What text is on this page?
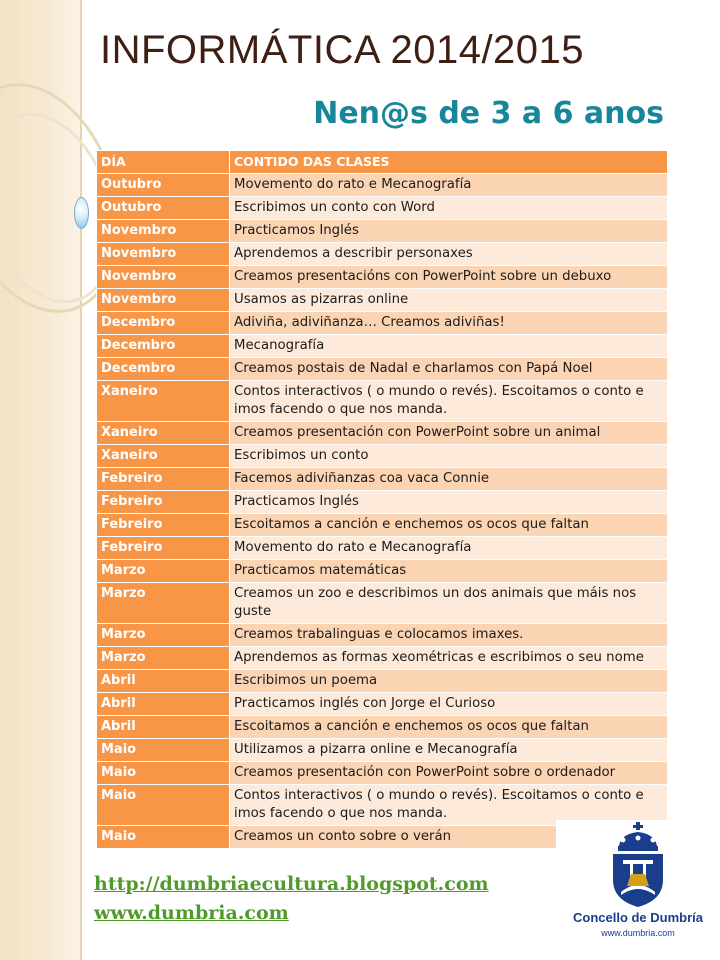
INFORMÁTICA 2014/2015
Nen@s de 3 a 6 anos
DÍA	CONTIDO DAS CLASES
Outubro	Movemento do rato e Mecanografía
Outubro	Escribimos un conto con Word
Novembro	Practicamos Inglés
Novembro	Aprendemos a describir personaxes
Novembro	Creamos presentacións con PowerPoint sobre un debuxo
Novembro	Usamos as pizarras online
Decembro	Adiviña, adiviñanza… Creamos adiviñas!
Decembro	Mecanografía
Decembro	Creamos postais de Nadal e charlamos con Papá Noel
Xaneiro	Contos interactivos ( o mundo o revés). Escoitamos o conto e imos facendo o que nos manda.
Xaneiro	Creamos presentación con PowerPoint sobre un animal
Xaneiro	Escribimos un conto
Febreiro	Facemos adiviñanzas coa vaca Connie
Febreiro	Practicamos Inglés
Febreiro	Escoitamos a canción e enchemos os ocos que faltan
Febreiro	Movemento do rato e Mecanografía
Marzo	Practicamos matemáticas
Marzo	Creamos un zoo e describimos un dos animais que máis nos guste
Marzo	Creamos trabalinguas e colocamos imaxes.
Marzo	Aprendemos as formas xeométricas e escribimos o seu nome
Abril	Escribimos un poema
Abril	Practicamos inglés con Jorge el Curioso
Abril	Escoitamos a canción e enchemos os ocos que faltan
Maio	Utilizamos a pizarra online e Mecanografía
Maio	Creamos presentación con PowerPoint sobre o ordenador
Maio	Contos interactivos ( o mundo o revés). Escoitamos o conto e imos facendo o que nos manda.
Maio	Creamos un conto sobre o verán
http://dumbriaecultura.blogspot.com
www.dumbria.com	Concello de Dumbría
www.dumbria.com
